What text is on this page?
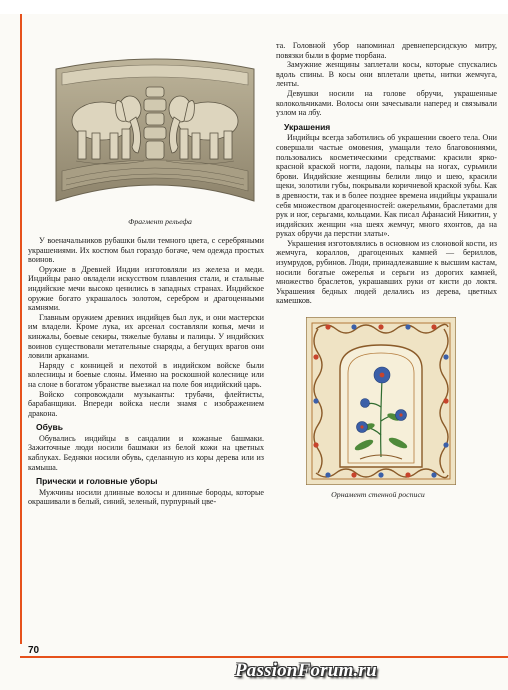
Фрагмент рельефа

У военачальников рубашки были темного цвета, с серебряными украшениями. Их костюм был гораздо богаче, чем одежда простых воинов.

Оружие в Древней Индии изготовляли из железа и меди. Индийцы рано овладели искусством плавления стали, и стальные индийские мечи высоко ценились в западных странах. Индийское оружие богато украшалось золотом, серебром и драгоценными камнями.

Главным оружием древних индийцев был лук, и они мастерски им владели. Кроме лука, их арсенал составляли копья, мечи и кинжалы, боевые секиры, тяжелые булавы и палицы. У индийских воинов существовали метательные снаряды, а бегущих врагов они ловили арканами.

Наряду с конницей и пехотой в индийском войске были колесницы и боевые слоны. Именно на роскошной колеснице или на слоне в богатом убранстве выезжал на поле боя индийский царь.

Войско сопровождали музыканты: трубачи, флейтисты, барабанщики. Впереди войска несли знамя с изображением дракона.

Обувь

Обувались индийцы в сандалии и кожаные башмаки. Зажиточные люди носили башмаки из белой кожи на цветных каблуках. Бедняки носили обувь, сделанную из коры дерева или из камыша.

Прически и головные уборы

Мужчины носили длинные волосы и длинные бороды, которые окрашивали в белый, синий, зеленый, пурпурный цве-

та. Головной убор напоминал древнеперсидскую митру, повязки были в форме тюрбана.

Замужние женщины заплетали косы, которые спускались вдоль спины. В косы они вплетали цветы, нитки жемчуга, ленты.

Девушки носили на голове обручи, украшенные колокольчиками. Волосы они зачесывали наперед и связывали узлом на лбу.

Украшения

Индийцы всегда заботились об украшении своего тела. Они совершали частые омовения, умащали тело благовониями, пользовались косметическими средствами: красили ярко-красной краской ногти, ладони, пальцы на ногах, сурьмили брови. Индийские женщины белили лицо и шею, красили щеки, золотили губы, покрывали коричневой краской зубы. Как в древности, так и в более позднее времена индийцы украшали себя множеством драгоценностей: ожерельями, браслетами для рук и ног, серьгами, кольцами. Как писал Афанасий Никитин, у индийских женщин «на шеях жемчуг, много яхонтов, да на руках обручи да перстни злaты».

Украшения изготовлялись в основном из слоновой кости, из жемчуга, кораллов, драгоценных камней — бериллов, изумрудов, рубинов. Люди, принадлежавшие к высшим кастам, носили богатые ожерелья и серьги из дорогих камней, множество браслетов, украшавших руки от кисти до локтя. Украшения бедных людей делались из дерева, цветных камешков.

Орнамент стенной росписи
70
PassionForum.ru
